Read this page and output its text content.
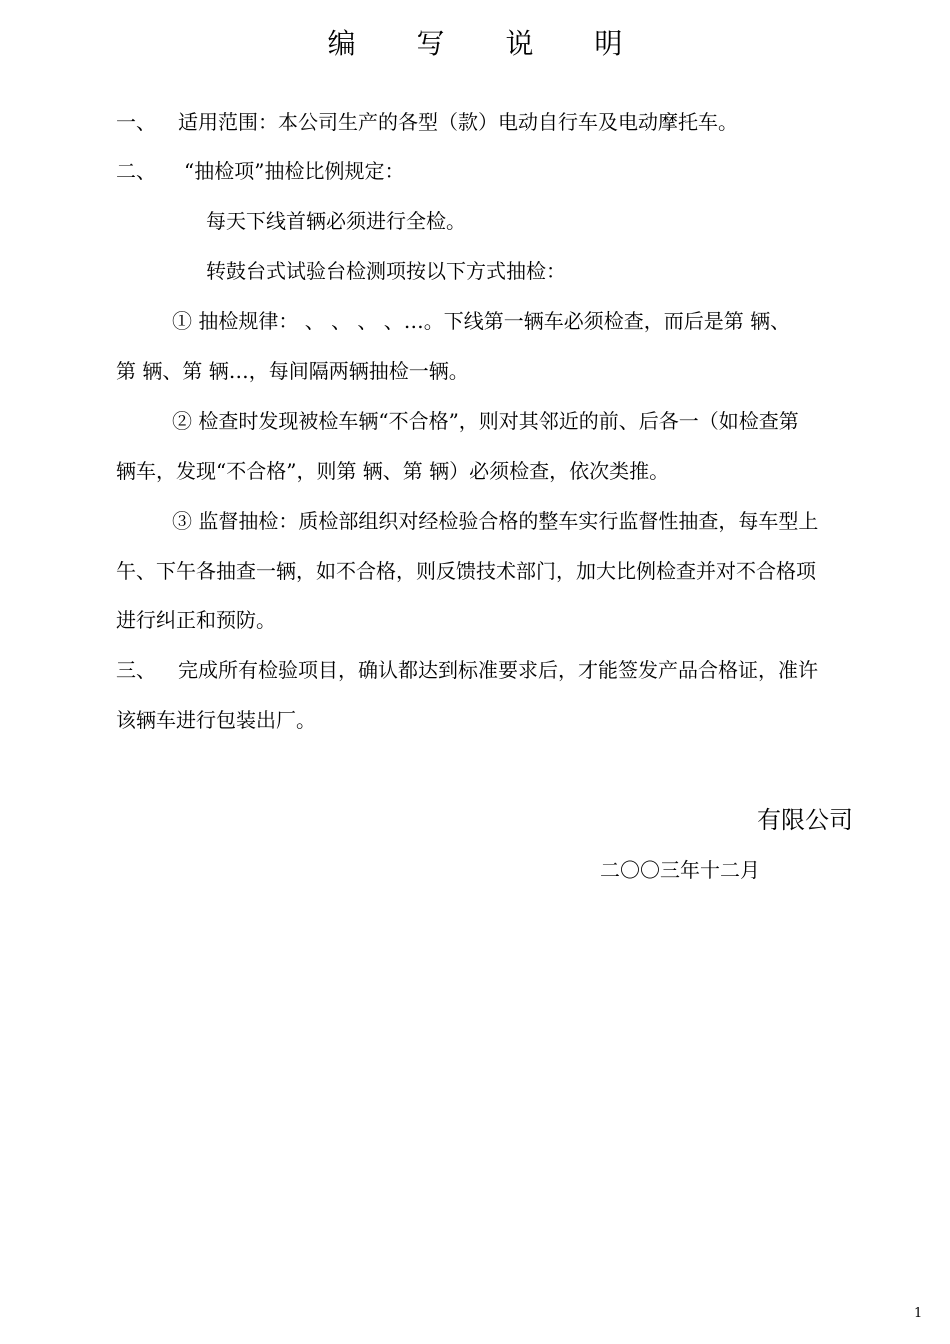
编 写 说 明
一、 适用范围：本公司生产的各型（款）电动自行车及电动摩托车。
二、 “抽检项”抽检比例规定：
每天下线首辆必须进行全检。
转鼓台式试验台检测项按以下方式抽检：
① 抽检规律： 、 、 、 、…。下线第一辆车必须检查，而后是第 辆、
第 辆、第 辆…，每间隔两辆抽检一辆。
② 检查时发现被检车辆“不合格”，则对其邻近的前、后各一（如检查第
辆车，发现“不合格”，则第 辆、第 辆）必须检查，依次类推。
③ 监督抽检：质检部组织对经检验合格的整车实行监督性抽查，每车型上
午、下午各抽查一辆，如不合格，则反馈技术部门，加大比例检查并对不合格项
进行纠正和预防。
三、 完成所有检验项目，确认都达到标准要求后，才能签发产品合格证，准许
该辆车进行包装出厂。
有限公司
二〇〇三年十二月
1
